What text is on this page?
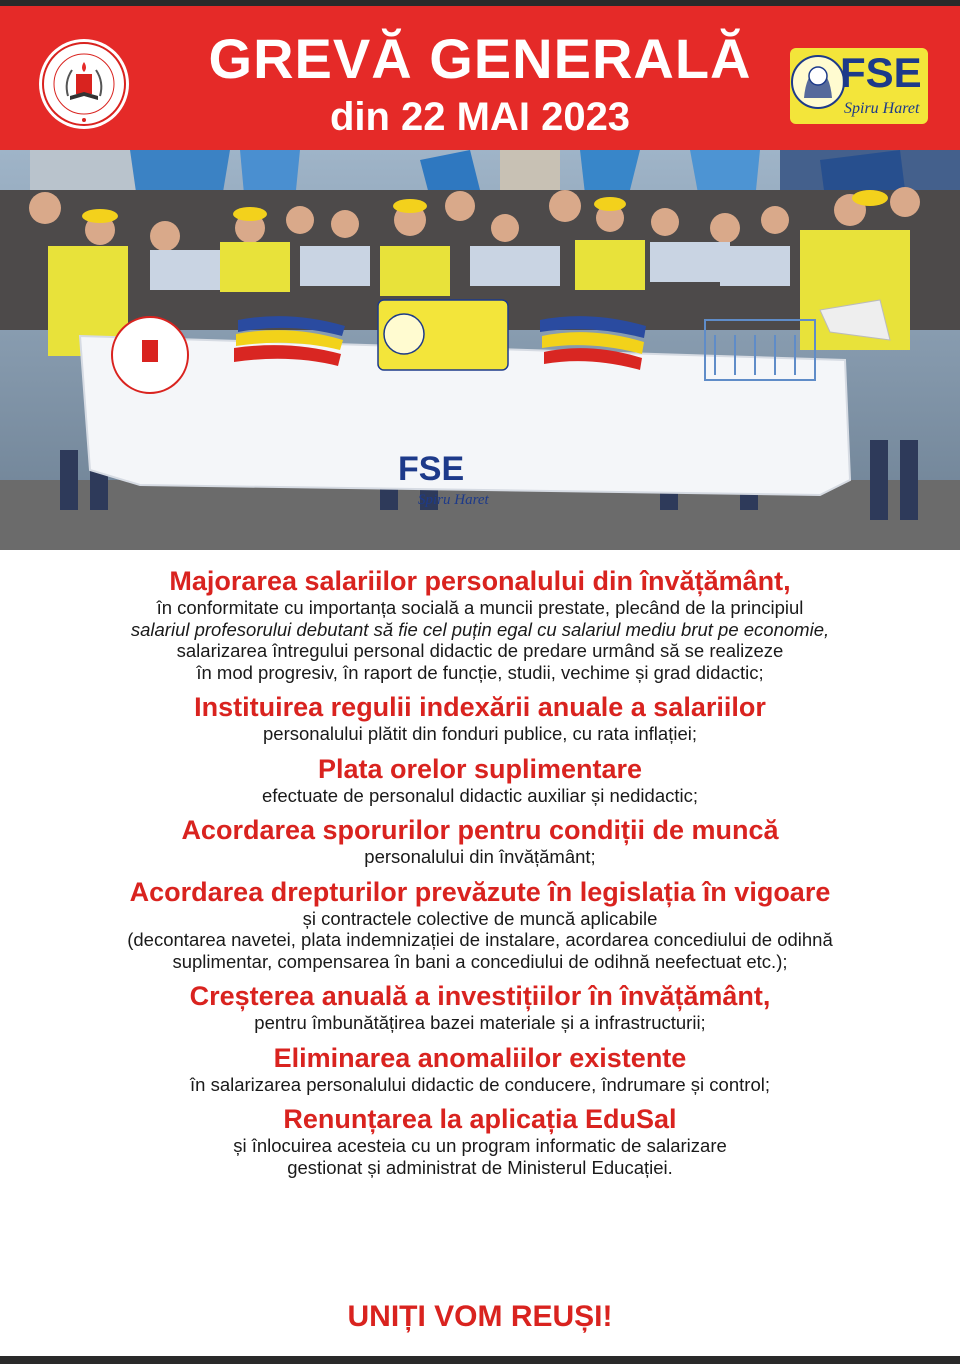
GREVĂ GENERALĂ
din 22 MAI 2023
FSE
Spiru Haret
FSE
Spiru Haret
Majorarea salariilor personalului din învățământ,
în conformitate cu importanța socială a muncii prestate, plecând de la principiul
salariul profesorului debutant să fie cel puțin egal cu salariul mediu brut pe economie,
salarizarea întregului personal didactic de predare urmând să se realizeze
în mod progresiv, în raport de funcție, studii, vechime și grad didactic;
Instituirea regulii indexării anuale a salariilor
personalului plătit din fonduri publice, cu rata inflației;
Plata orelor suplimentare
efectuate de personalul didactic auxiliar și nedidactic;
Acordarea sporurilor pentru condiții de muncă
personalului din învățământ;
Acordarea drepturilor prevăzute în legislația în vigoare
și contractele colective de muncă aplicabile
(decontarea navetei, plata indemnizației de instalare, acordarea concediului de odihnă
suplimentar, compensarea în bani a concediului de odihnă neefectuat etc.);
Creșterea anuală a investițiilor în învățământ,
pentru îmbunătățirea bazei materiale și a infrastructurii;
Eliminarea anomaliilor existente
în salarizarea personalului didactic de conducere, îndrumare și control;
Renunțarea la aplicația EduSal
și înlocuirea acesteia cu un program informatic de salarizare
gestionat și administrat de Ministerul Educației.
UNIȚI VOM REUȘI!
